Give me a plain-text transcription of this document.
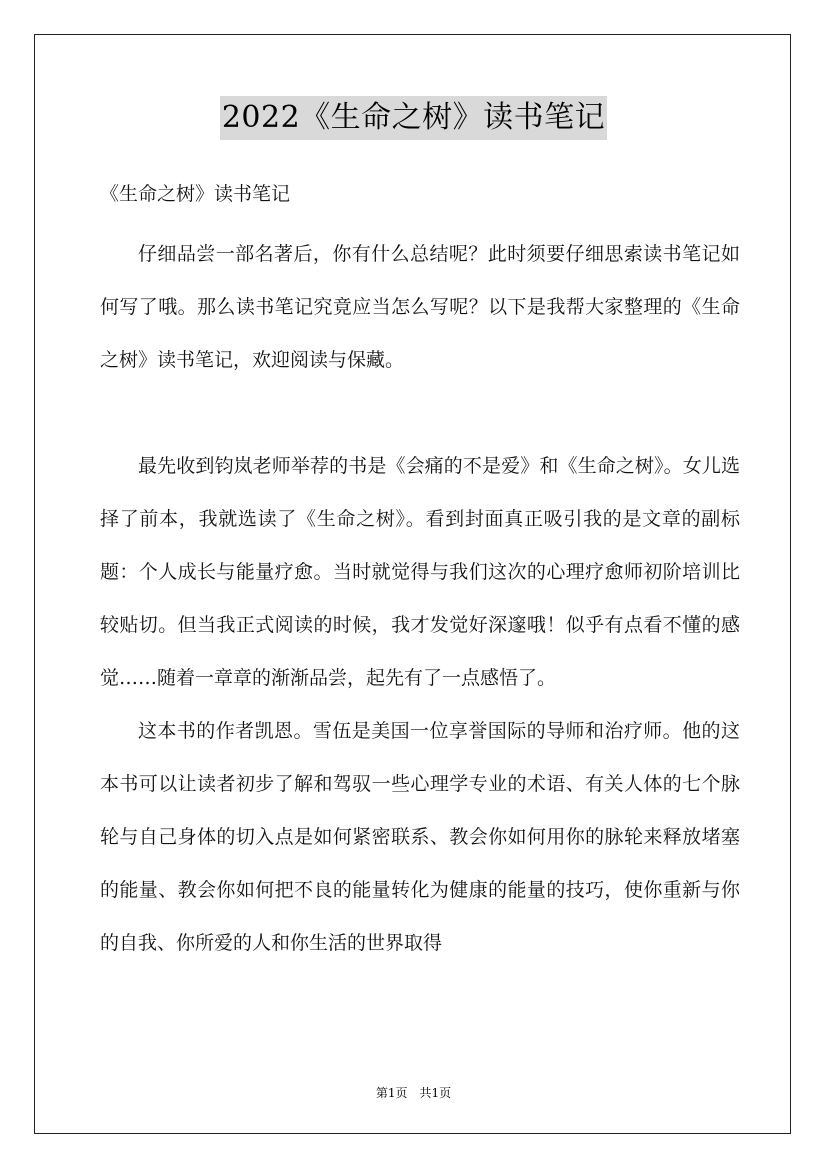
2022《生命之树》读书笔记

《生命之树》读书笔记

仔细品尝一部名著后，你有什么总结呢？此时须要仔细思索读书笔记如何写了哦。那么读书笔记究竟应当怎么写呢？以下是我帮大家整理的《生命之树》读书笔记，欢迎阅读与保藏。

最先收到钧岚老师举荐的书是《会痛的不是爱》和《生命之树》。女儿选择了前本，我就选读了《生命之树》。看到封面真正吸引我的是文章的副标题：个人成长与能量疗愈。当时就觉得与我们这次的心理疗愈师初阶培训比较贴切。但当我正式阅读的时候，我才发觉好深邃哦！似乎有点看不懂的感觉……随着一章章的渐渐品尝，起先有了一点感悟了。

这本书的作者凯恩。雪伍是美国一位享誉国际的导师和治疗师。他的这本书可以让读者初步了解和驾驭一些心理学专业的术语、有关人体的七个脉轮与自己身体的切入点是如何紧密联系、教会你如何用你的脉轮来释放堵塞的能量、教会你如何把不良的能量转化为健康的能量的技巧，使你重新与你的自我、你所爱的人和你生活的世界取得

第1页　共1页
